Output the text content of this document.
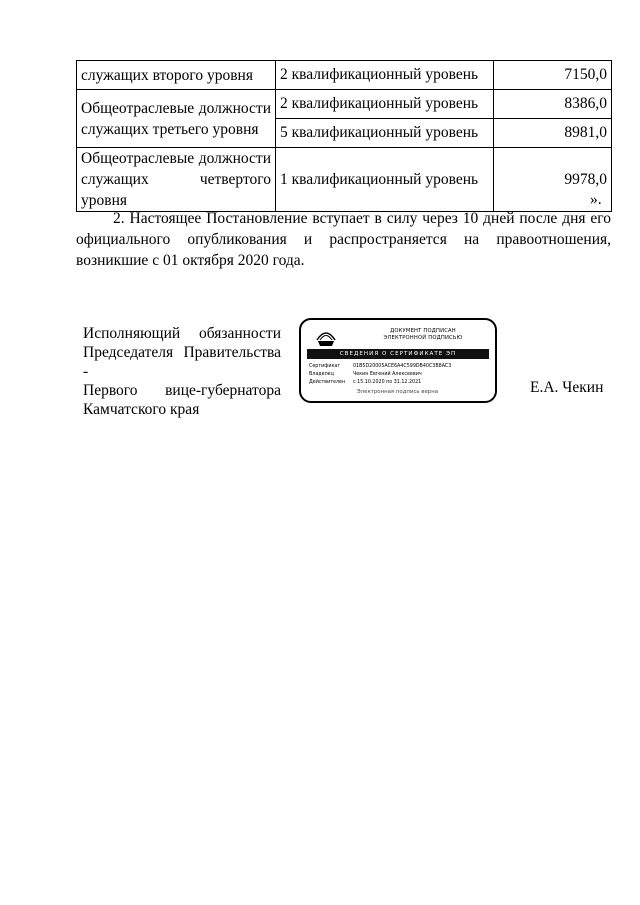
служащих второго уровня	2 квалификационный уровень	7150,0

Общеотраслевые должности
служащих третьего уровня	2 квалификационный уровень	8386,0
	5 квалификационный уровень	8981,0

Общеотраслевые должности
служащих четвертого уровня	1 квалификационный уровень	9978,0
».
2. Настоящее Постановление вступает в силу через 10 дней после дня его официального опубликования и распространяется на правоотношения, возникшие с 01 октября 2020 года.
Исполняющий обязанности
Председателя Правительства -
Первого вице-губернатора
Камчатского края
ДОКУМЕНТ ПОДПИСАН
ЭЛЕКТРОННОЙ ПОДПИСЬЮ
СВЕДЕНИЯ О СЕРТИФИКАТЕ ЭП
Сертификат	01B5D20005ACE6A4C599DB40C3B8AC3
Владелец	Чекин Евгений Алексеевич
Действителен с 15.10.2020 по 31.12.2021
Электронная подпись верна	Е.А. Чекин
